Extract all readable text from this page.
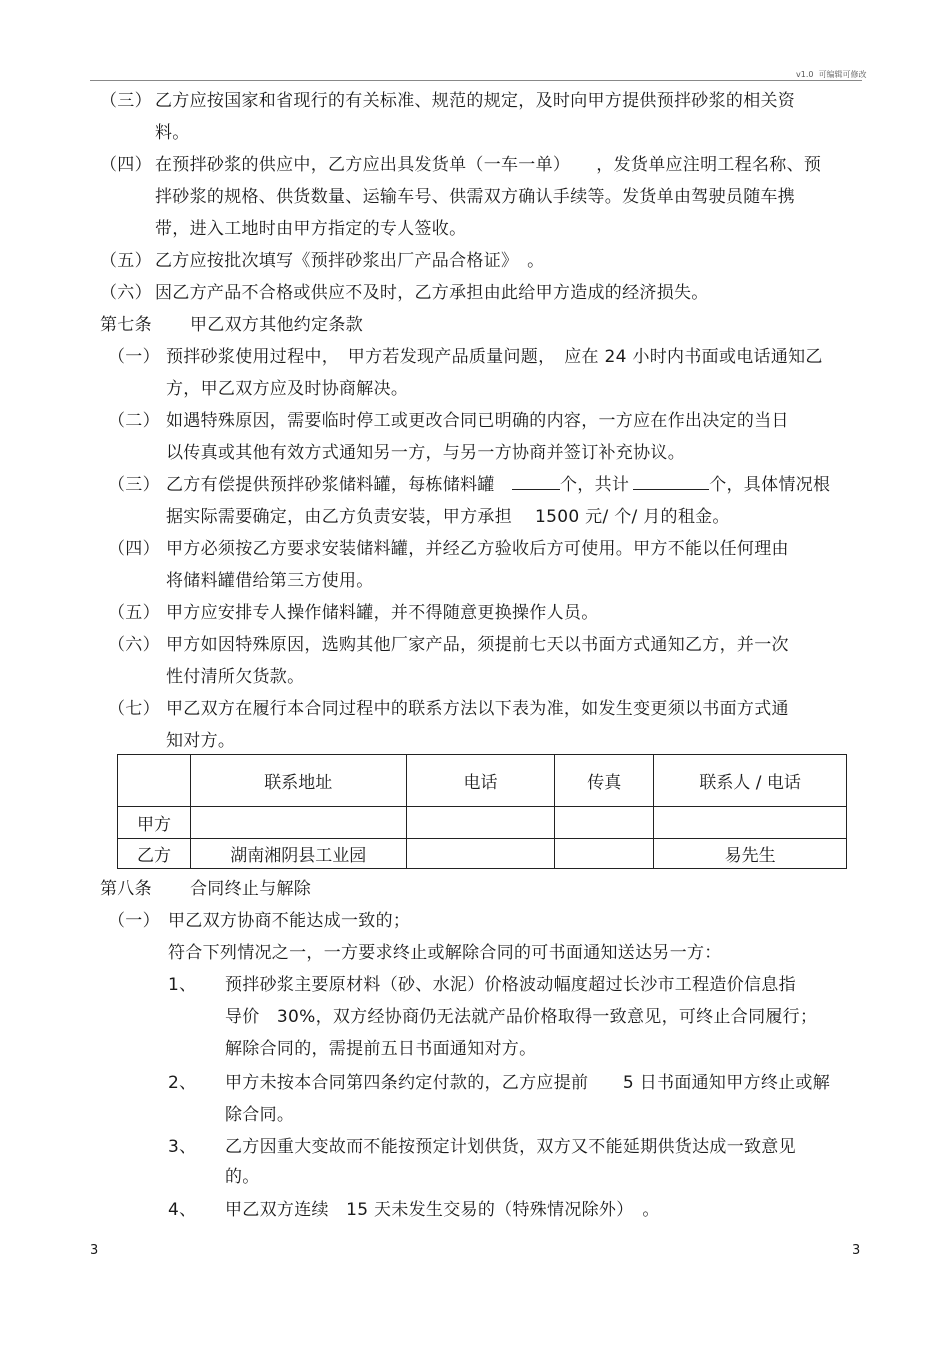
v1.0 可编辑可修改
（三） 乙方应按国家和省现行的有关标准、规范的规定，及时向甲方提供预拌砂浆的相关资
料。
（四） 在预拌砂浆的供应中，乙方应出具发货单（一车一单）　　，发货单应注明工程名称、预
拌砂浆的规格、供货数量、运输车号、供需双方确认手续等。发货单由驾驶员随车携
带，进入工地时由甲方指定的专人签收。
（五） 乙方应按批次填写《预拌砂浆出厂产品合格证》　。
（六） 因乙方产品不合格或供应不及时，乙方承担由此给甲方造成的经济损失。
第七条 甲乙双方其他约定条款
（一） 预拌砂浆使用过程中，　甲方若发现产品质量问题，　应在 24 小时内书面或电话通知乙
方，甲乙双方应及时协商解决。
（二） 如遇特殊原因，需要临时停工或更改合同已明确的内容，一方应在作出决定的当日
以传真或其他有效方式通知另一方，与另一方协商并签订补充协议。
（三） 乙方有偿提供预拌砂浆储料罐，每栋储料罐　	个，共计	个，具体情况根
据实际需要确定，由乙方负责安装，甲方承担　 1500 元/ 个/ 月的租金。
（四） 甲方必须按乙方要求安装储料罐，并经乙方验收后方可使用。甲方不能以任何理由
将储料罐借给第三方使用。
（五） 甲方应安排专人操作储料罐，并不得随意更换操作人员。
（六） 甲方如因特殊原因，选购其他厂家产品，须提前七天以书面方式通知乙方，并一次
性付清所欠货款。
（七） 甲乙双方在履行本合同过程中的联系方法以下表为准，如发生变更须以书面方式通
知对方。
	联系地址	电话	传真	联系人 / 电话
甲方				
乙方	湖南湘阴县工业园			易先生
第八条 合同终止与解除
（一） 甲乙双方协商不能达成一致的；
符合下列情况之一，一方要求终止或解除合同的可书面通知送达另一方：
1、 预拌砂浆主要原材料（砂、水泥）价格波动幅度超过长沙市工程造价信息指
导价　30%，双方经协商仍无法就产品价格取得一致意见，可终止合同履行；
解除合同的，需提前五日书面通知对方。
2、 甲方未按本合同第四条约定付款的，乙方应提前　　5 日书面通知甲方终止或解
除合同。
3、 乙方因重大变故而不能按预定计划供货，双方又不能延期供货达成一致意见
的。
4、 甲乙双方连续　15 天未发生交易的（特殊情况除外）　。
3	3
